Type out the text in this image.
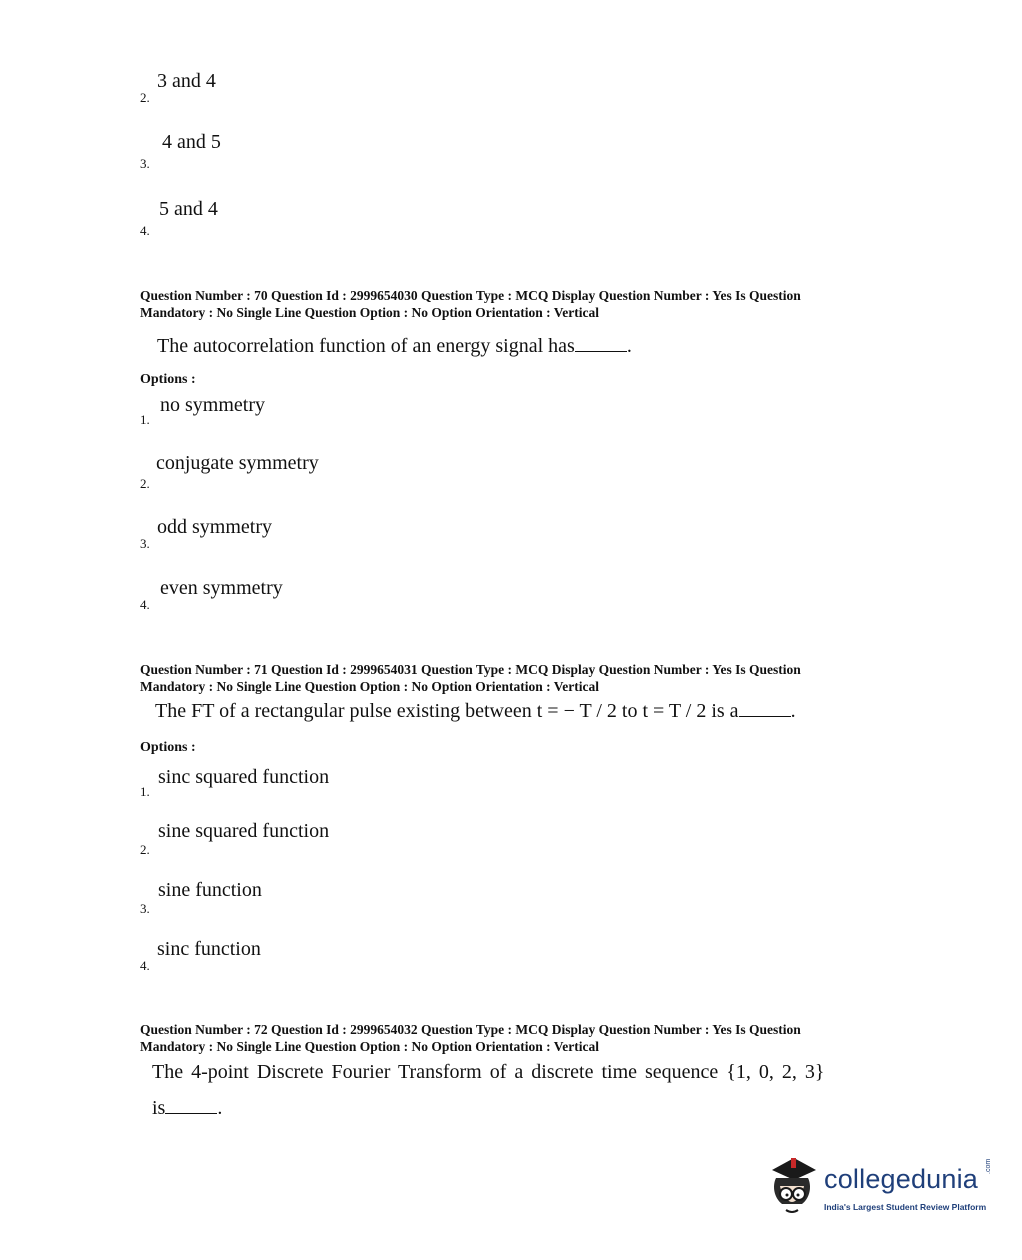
3 and 4
2.
4 and 5
3.
5 and 4
4.
Question Number : 70 Question Id : 2999654030 Question Type : MCQ Display Question Number : Yes Is Question
Mandatory : No Single Line Question Option : No Option Orientation : Vertical
The autocorrelation function of an energy signal has	.
Options :
no symmetry
1.
conjugate symmetry
2.
odd symmetry
3.
even symmetry
4.
Question Number : 71 Question Id : 2999654031 Question Type : MCQ Display Question Number : Yes Is Question
Mandatory : No Single Line Question Option : No Option Orientation : Vertical
The FT of a rectangular pulse existing between t = − T / 2 to t = T / 2 is a	.
Options :
sinc squared function
1.
sine squared function
2.
sine function
3.
sinc function
4.
Question Number : 72 Question Id : 2999654032 Question Type : MCQ Display Question Number : Yes Is Question
Mandatory : No Single Line Question Option : No Option Orientation : Vertical
The 4-point Discrete Fourier Transform of a discrete time sequence {1, 0, 2, 3}
is	.
collegedunia .com
India's Largest Student Review Platform
